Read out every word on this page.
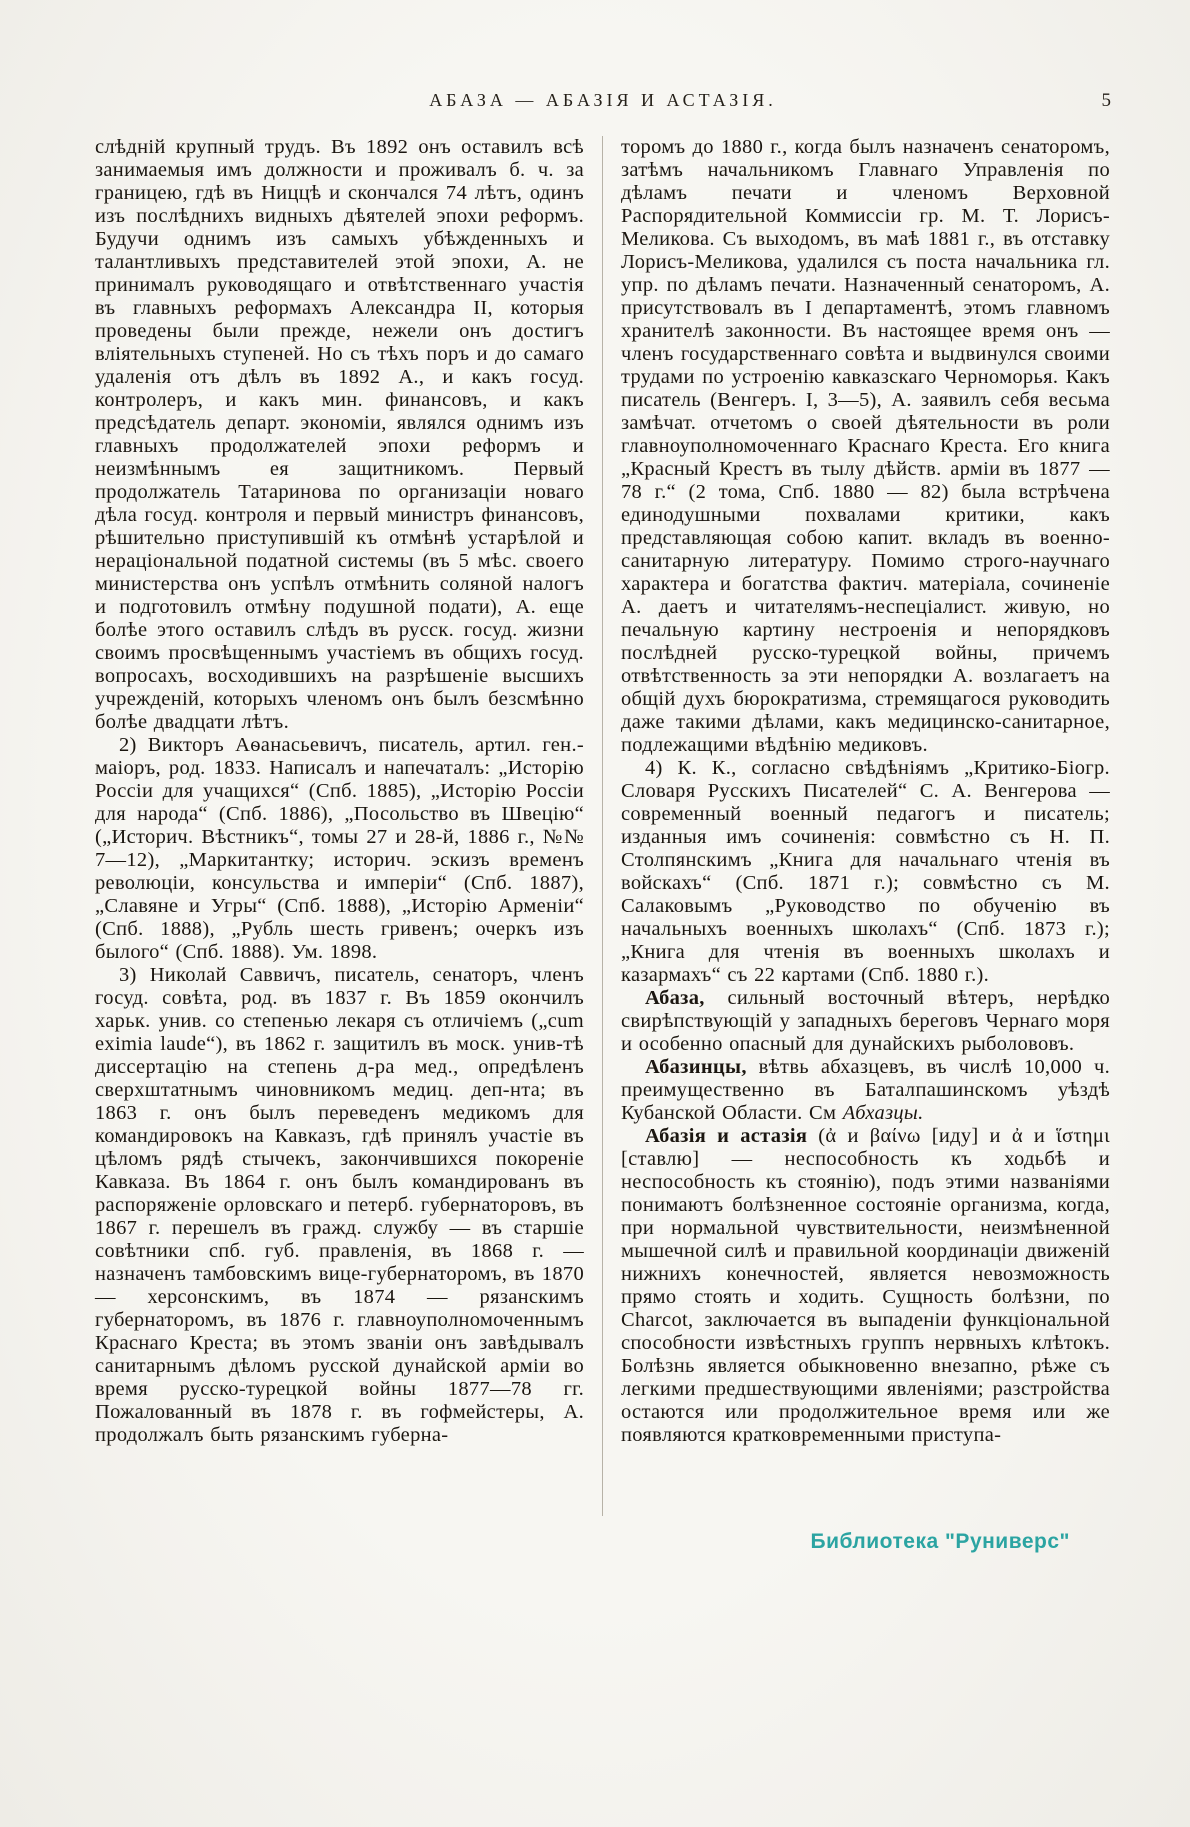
АБАЗА — АБАЗІЯ И АСТАЗІЯ.	5

слѣдній крупный трудъ. Въ 1892 онъ оставилъ всѣ занимаемыя имъ должности и проживалъ б. ч. за границею, гдѣ въ Ниццѣ и скончался 74 лѣтъ, одинъ изъ послѣднихъ видныхъ дѣятелей эпохи реформъ. Будучи однимъ изъ самыхъ убѣжденныхъ и талантливыхъ представителей этой эпохи, А. не принималъ руководящаго и отвѣтственнаго участія въ главныхъ реформахъ Александра II, которыя проведены были прежде, нежели онъ достигъ вліятельныхъ ступеней. Но съ тѣхъ поръ и до самаго удаленія отъ дѣлъ въ 1892 А., и какъ госуд. контролеръ, и какъ мин. финансовъ, и какъ предсѣдатель департ. экономіи, являлся однимъ изъ главныхъ продолжателей эпохи реформъ и неизмѣннымъ ея защитникомъ. Первый продолжатель Татаринова по организаціи новаго дѣла госуд. контроля и первый министръ финансовъ, рѣшительно приступившій къ отмѣнѣ устарѣлой и нераціональной податной системы (въ 5 мѣс. своего министерства онъ успѣлъ отмѣнить соляной налогъ и подготовилъ отмѣну подушной подати), А. еще болѣе этого оставилъ слѣдъ въ русск. госуд. жизни своимъ просвѣщеннымъ участіемъ въ общихъ госуд. вопросахъ, восходившихъ на разрѣшеніе высшихъ учрежденій, которыхъ членомъ онъ былъ безсмѣнно болѣе двадцати лѣтъ.

2) Викторъ Аѳанасьевичъ, писатель, артил. ген.-маіоръ, род. 1833. Написалъ и напечаталъ: „Исторію Россіи для учащихся“ (Спб. 1885), „Исторію Россіи для народа“ (Спб. 1886), „Посольство въ Швецію“ („Историч. Вѣстникъ“, томы 27 и 28-й, 1886 г., №№ 7—12), „Маркитантку; историч. эскизъ временъ революціи, консульства и имперіи“ (Спб. 1887), „Славяне и Угры“ (Спб. 1888), „Исторію Арменіи“ (Спб. 1888), „Рубль шесть гривенъ; очеркъ изъ былого“ (Спб. 1888). Ум. 1898.

3) Николай Саввичъ, писатель, сенаторъ, членъ госуд. совѣта, род. въ 1837 г. Въ 1859 окончилъ харьк. унив. со степенью лекаря съ отличіемъ („cum eximia laude“), въ 1862 г. защитилъ въ моск. унив-тѣ диссертацію на степень д-ра мед., опредѣленъ сверхштатнымъ чиновникомъ медиц. деп-нта; въ 1863 г. онъ былъ переведенъ медикомъ для командировокъ на Кавказъ, гдѣ принялъ участіе въ цѣломъ рядѣ стычекъ, закончившихся покореніе Кавказа. Въ 1864 г. онъ былъ командированъ въ распоряженіе орловскаго и петерб. губернаторовъ, въ 1867 г. перешелъ въ гражд. службу — въ старшіе совѣтники спб. губ. правленія, въ 1868 г. — назначенъ тамбовскимъ вице-губернаторомъ, въ 1870— херсонскимъ, въ 1874 — рязанскимъ губернаторомъ, въ 1876 г. главноуполномоченнымъ Краснаго Креста; въ этомъ званіи онъ завѣдывалъ санитарнымъ дѣломъ русской дунайской арміи во время русско-турецкой войны 1877—78 гг. Пожалованный въ 1878 г. въ гофмейстеры, А. продолжалъ быть рязанскимъ губерна-

торомъ до 1880 г., когда былъ назначенъ сенаторомъ, затѣмъ начальникомъ Главнаго Управленія по дѣламъ печати и членомъ Верховной Распорядительной Коммиссіи гр. М. Т. Лорисъ-Меликова. Съ выходомъ, въ маѣ 1881 г., въ отставку Лорисъ-Меликова, удалился съ поста начальника гл. упр. по дѣламъ печати. Назначенный сенаторомъ, А. присутствовалъ въ I департаментѣ, этомъ главномъ хранителѣ законности. Въ настоящее время онъ — членъ государственнаго совѣта и выдвинулся своими трудами по устроенію кавказскаго Черноморья. Какъ писатель (Венгеръ. I, 3—5), А. заявилъ себя весьма замѣчат. отчетомъ о своей дѣятельности въ роли главноуполномоченнаго Краснаго Креста. Его книга „Красный Крестъ въ тылу дѣйств. арміи въ 1877 — 78 г.“ (2 тома, Спб. 1880 — 82) была встрѣчена единодушными похвалами критики, какъ представляющая собою капит. вкладъ въ военно-санитарную литературу. Помимо строго-научнаго характера и богатства фактич. матеріала, сочиненіе А. даетъ и читателямъ-неспеціалист. живую, но печальную картину нестроенія и непорядковъ послѣдней русско-турецкой войны, причемъ отвѣтственность за эти непорядки А. возлагаетъ на общій духъ бюрократизма, стремящагося руководить даже такими дѣлами, какъ медицинско-санитарное, подлежащими вѣдѣнію медиковъ.

4) К. К., согласно свѣдѣніямъ „Критико-Біогр. Словаря Русскихъ Писателей“ С. А. Венгерова — современный военный педагогъ и писатель; изданныя имъ сочиненія: совмѣстно съ Н. П. Столпянскимъ „Книга для начальнаго чтенія въ войскахъ“ (Спб. 1871 г.); совмѣстно съ М. Салаковымъ „Руководство по обученію въ начальныхъ военныхъ школахъ“ (Спб. 1873 г.); „Книга для чтенія въ военныхъ школахъ и казармахъ“ съ 22 картами (Спб. 1880 г.).

Абаза, сильный восточный вѣтеръ, нерѣдко свирѣпствующій у западныхъ береговъ Чернаго моря и особенно опасный для дунайскихъ рыболововъ.

Абазинцы, вѣтвь абхазцевъ, въ числѣ 10,000 ч. преимущественно въ Баталпашинскомъ уѣздѣ Кубанской Области. См Абхазцы.

Абазія и астазія (ἀ и βαίνω [иду] и ἀ и ἵστημι [ставлю] — неспособность къ ходьбѣ и неспособность къ стоянію), подъ этими названіями понимаютъ болѣзненное состояніе организма, когда, при нормальной чувствительности, неизмѣненной мышечной силѣ и правильной координаціи движеній нижнихъ конечностей, является невозможность прямо стоять и ходить. Сущность болѣзни, по Charcot, заключается въ выпаденіи функціональной способности извѣстныхъ группъ нервныхъ клѣтокъ. Болѣзнь является обыкновенно внезапно, рѣже съ легкими предшествующими явленіями; разстройства остаются или продолжительное время или же появляются кратковременными приступа-

Библиотека "Руниверс"
